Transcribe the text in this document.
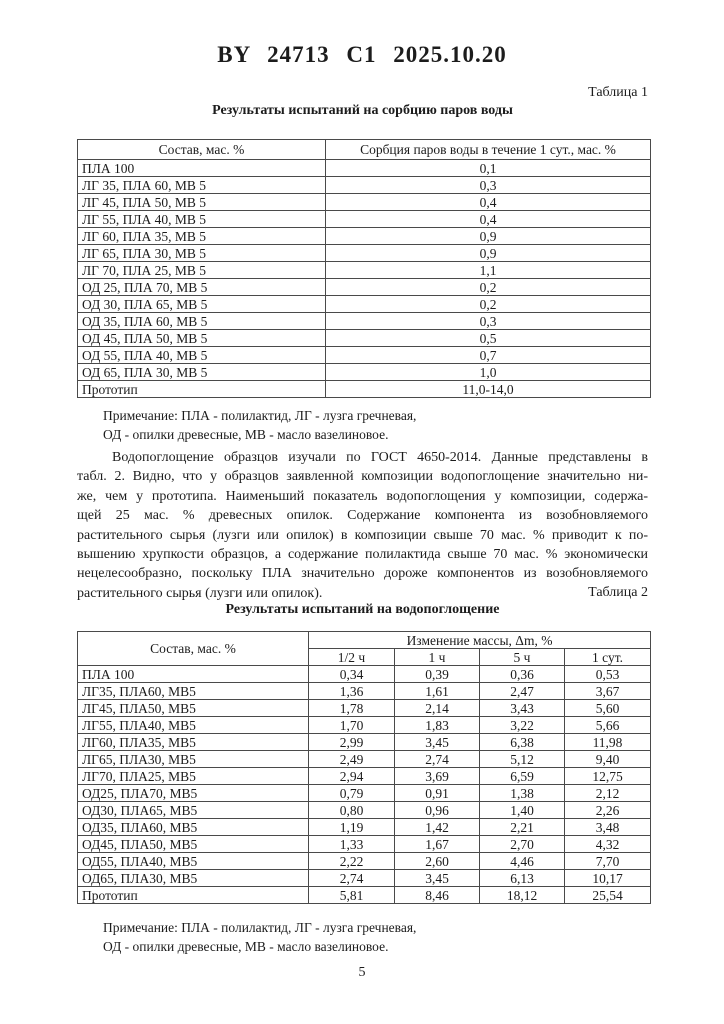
BY 24713 C1 2025.10.20
Таблица 1
Результаты испытаний на сорбцию паров воды
Состав, мас. %	Сорбция паров воды в течение 1 сут., мас. %
ПЛА 100	0,1
ЛГ 35, ПЛА 60, МВ 5	0,3
ЛГ 45, ПЛА 50, МВ 5	0,4
ЛГ 55, ПЛА 40, МВ 5	0,4
ЛГ 60, ПЛА 35, МВ 5	0,9
ЛГ 65, ПЛА 30, МВ 5	0,9
ЛГ 70, ПЛА 25, МВ 5	1,1
ОД 25, ПЛА 70, МВ 5	0,2
ОД 30, ПЛА 65, МВ 5	0,2
ОД 35, ПЛА 60, МВ 5	0,3
ОД 45, ПЛА 50, МВ 5	0,5
ОД 55, ПЛА 40, МВ 5	0,7
ОД 65, ПЛА 30, МВ 5	1,0
Прототип	11,0-14,0
Примечание: ПЛА - полилактид, ЛГ - лузга гречневая,
ОД - опилки древесные, МВ - масло вазелиновое.
Водопоглощение образцов изучали по ГОСТ 4650-2014. Данные представлены в
табл. 2. Видно, что у образцов заявленной композиции водопоглощение значительно ни-
же, чем у прототипа. Наименьший показатель водопоглощения у композиции, содержа-
щей 25 мас. % древесных опилок. Содержание компонента из возобновляемого
растительного сырья (лузги или опилок) в композиции свыше 70 мас. % приводит к по-
вышению хрупкости образцов, а содержание полилактида свыше 70 мас. % экономически
нецелесообразно, поскольку ПЛА значительно дороже компонентов из возобновляемого
растительного сырья (лузги или опилок).	Таблица 2
Результаты испытаний на водопоглощение
Состав, мас. %	Изменение массы, Δm, %			
	1/2 ч	1 ч	5 ч	1 сут.
ПЛА 100	0,34	0,39	0,36	0,53
ЛГ35, ПЛА60, МВ5	1,36	1,61	2,47	3,67
ЛГ45, ПЛА50, МВ5	1,78	2,14	3,43	5,60
ЛГ55, ПЛА40, МВ5	1,70	1,83	3,22	5,66
ЛГ60, ПЛА35, МВ5	2,99	3,45	6,38	11,98
ЛГ65, ПЛА30, МВ5	2,49	2,74	5,12	9,40
ЛГ70, ПЛА25, МВ5	2,94	3,69	6,59	12,75
ОД25, ПЛА70, МВ5	0,79	0,91	1,38	2,12
ОД30, ПЛА65, МВ5	0,80	0,96	1,40	2,26
ОД35, ПЛА60, МВ5	1,19	1,42	2,21	3,48
ОД45, ПЛА50, МВ5	1,33	1,67	2,70	4,32
ОД55, ПЛА40, МВ5	2,22	2,60	4,46	7,70
ОД65, ПЛА30, МВ5	2,74	3,45	6,13	10,17
Прототип	5,81	8,46	18,12	25,54
Примечание: ПЛА - полилактид, ЛГ - лузга гречневая,
ОД - опилки древесные, МВ - масло вазелиновое.
5
